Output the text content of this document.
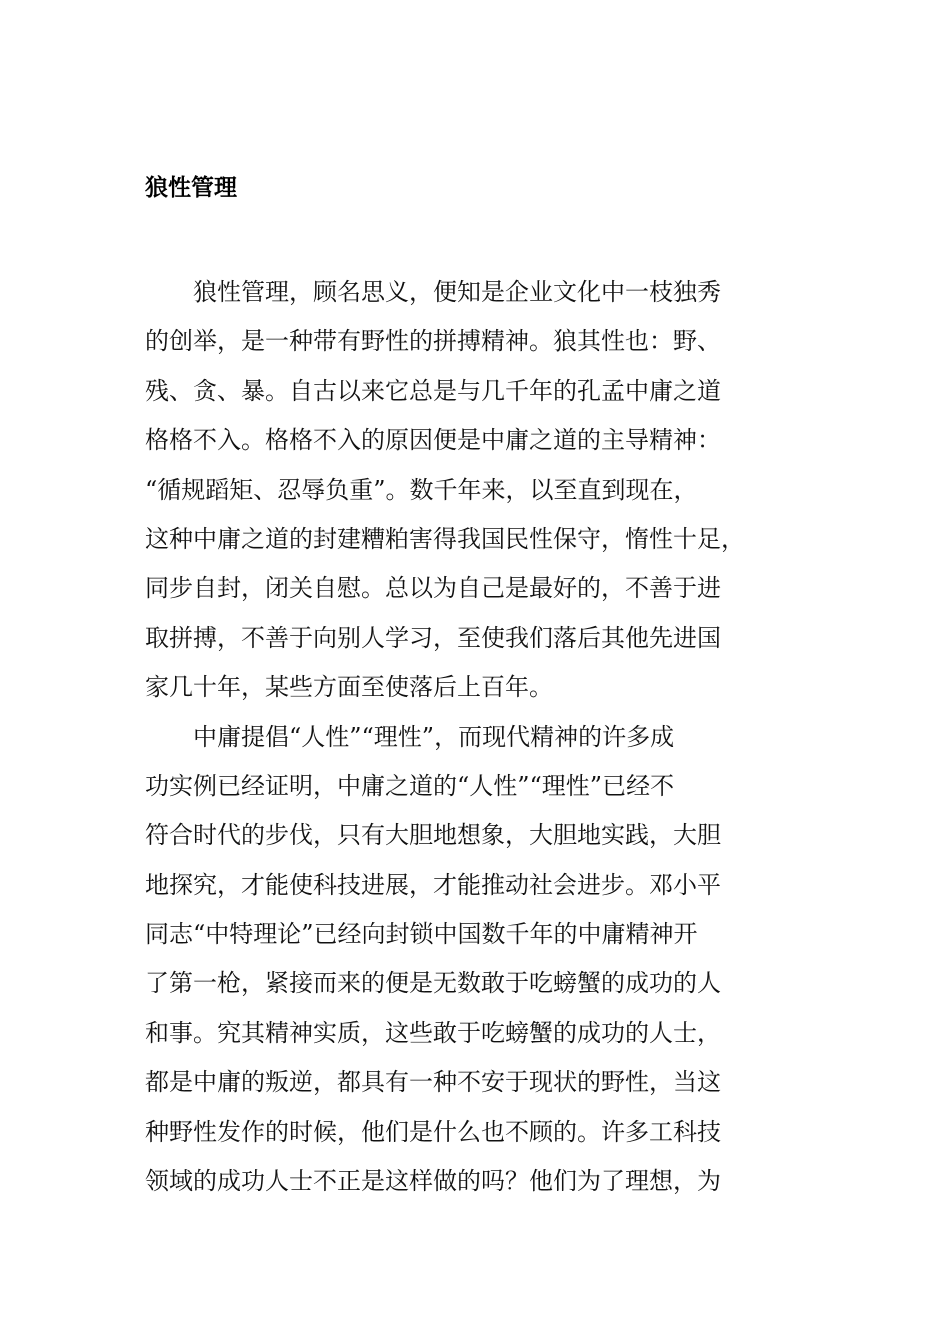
狼性管理
狼性管理，顾名思义，便知是企业文化中一枝独秀
的创举，是一种带有野性的拼搏精神。狼其性也：野、
残、贪、暴。自古以来它总是与几千年的孔孟中庸之道
格格不入。格格不入的原因便是中庸之道的主导精神：
“循规蹈矩、忍辱负重”。数千年来，以至直到现在，
这种中庸之道的封建糟粕害得我国民性保守，惰性十足，
同步自封，闭关自慰。总以为自己是最好的，不善于进
取拼搏，不善于向别人学习，至使我们落后其他先进国
家几十年，某些方面至使落后上百年。
中庸提倡“人性”“理性”，而现代精神的许多成
功实例已经证明，中庸之道的“人性”“理性”已经不
符合时代的步伐，只有大胆地想象，大胆地实践，大胆
地探究，才能使科技进展，才能推动社会进步。邓小平
同志“中特理论”已经向封锁中国数千年的中庸精神开
了第一枪，紧接而来的便是无数敢于吃螃蟹的成功的人
和事。究其精神实质，这些敢于吃螃蟹的成功的人士，
都是中庸的叛逆，都具有一种不安于现状的野性，当这
种野性发作的时候，他们是什么也不顾的。许多工科技
领域的成功人士不正是这样做的吗？他们为了理想，为
